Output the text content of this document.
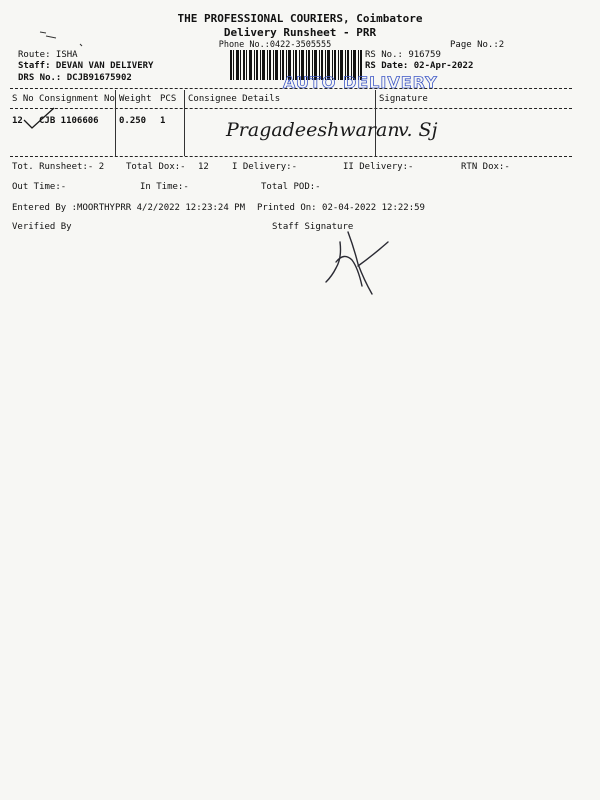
THE PROFESSIONAL COURIERS, Coimbatore
Delivery Runsheet - PRR
Phone No.:0422-3505555	Page No.:2
Route: ISHA
Staff: DEVAN VAN DELIVERY
DRS No.: DCJB91675902
RS No.: 916759
RS Date: 02-Apr-2022
AUTO DELIVERY
S No Consignment No Weight PCS Consignee Details	Signature
12 CJB 1106606 0.250 1	Pragadeeshwaran
v. Sj
Tot. Runsheet:- 2 Total Dox:- 12	I Delivery:-	II Delivery:-	RTN Dox:-
Out Time:-	In Time:-	Total POD:-
Entered By :MOORTHYPRR 4/2/2022 12:23:24 PM Printed On: 02-04-2022 12:22:59
Verified By	Staff Signature
